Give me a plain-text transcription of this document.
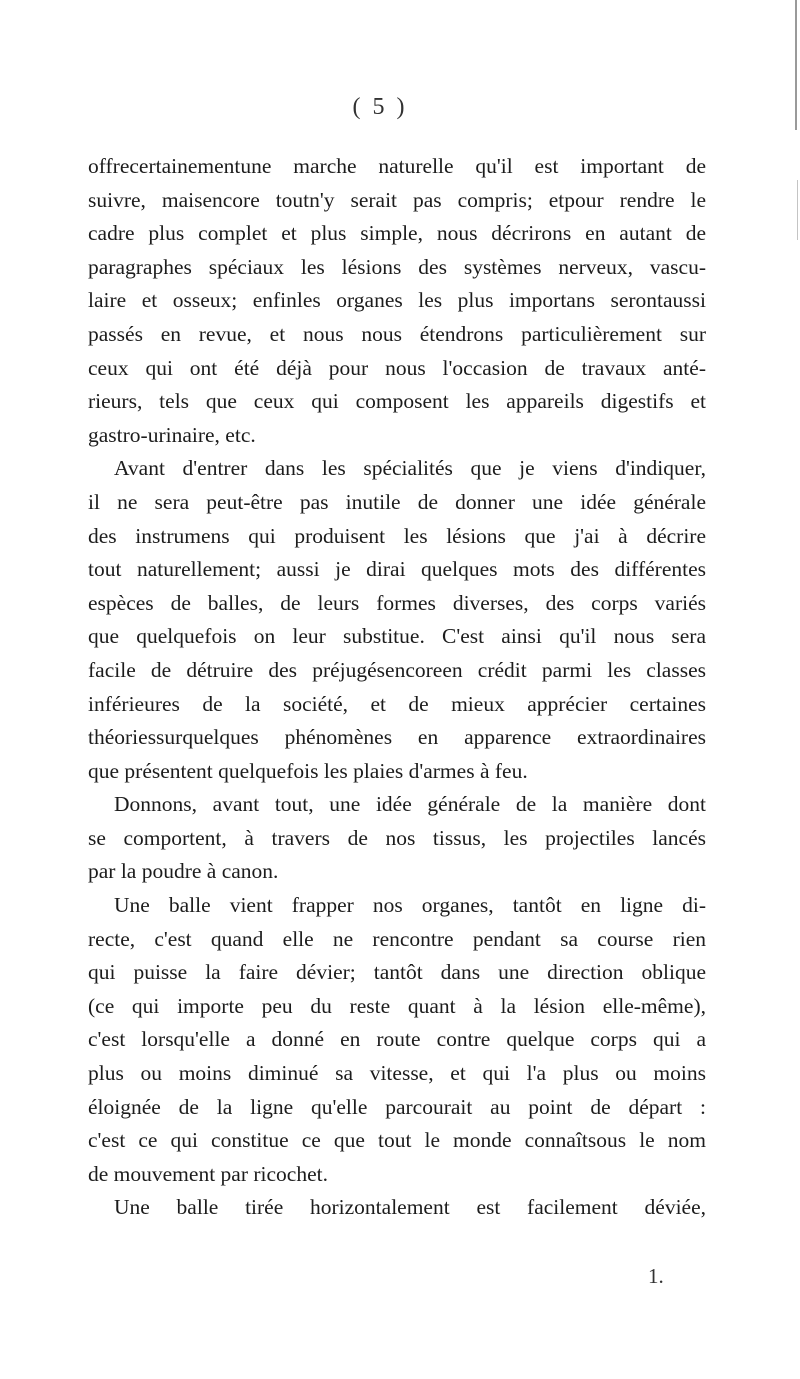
( 5 )
offrecertainementune marche naturelle qu'il est important de
suivre, maisencore toutn'y serait pas compris; etpour rendre le
cadre plus complet et plus simple, nous décrirons en autant de
paragraphes spéciaux les lésions des systèmes nerveux, vascu-
laire et osseux; enfinles organes les plus importans serontaussi
passés en revue, et nous nous étendrons particulièrement sur
ceux qui ont été déjà pour nous l'occasion de travaux anté-
rieurs, tels que ceux qui composent les appareils digestifs et
gastro-urinaire, etc.
Avant d'entrer dans les spécialités que je viens d'indiquer,
il ne sera peut-être pas inutile de donner une idée générale
des instrumens qui produisent les lésions que j'ai à décrire
tout naturellement; aussi je dirai quelques mots des différentes
espèces de balles, de leurs formes diverses, des corps variés
que quelquefois on leur substitue. C'est ainsi qu'il nous sera
facile de détruire des préjugésencoreen crédit parmi les classes
inférieures de la société, et de mieux apprécier certaines
théoriessurquelques phénomènes en apparence extraordinaires
que présentent quelquefois les plaies d'armes à feu.
Donnons, avant tout, une idée générale de la manière dont
se comportent, à travers de nos tissus, les projectiles lancés
par la poudre à canon.
Une balle vient frapper nos organes, tantôt en ligne di-
recte, c'est quand elle ne rencontre pendant sa course rien
qui puisse la faire dévier; tantôt dans une direction oblique
(ce qui importe peu du reste quant à la lésion elle-même),
c'est lorsqu'elle a donné en route contre quelque corps qui a
plus ou moins diminué sa vitesse, et qui l'a plus ou moins
éloignée de la ligne qu'elle parcourait au point de départ :
c'est ce qui constitue ce que tout le monde connaîtsous le nom
de mouvement par ricochet.
Une balle tirée horizontalement est facilement déviée,
1.
